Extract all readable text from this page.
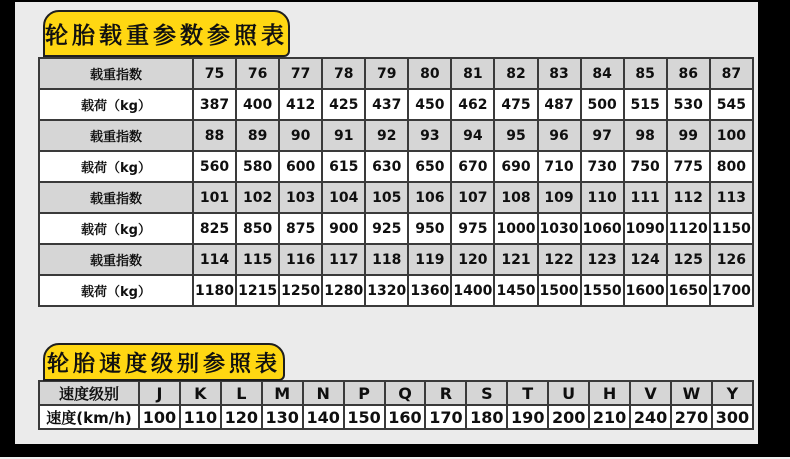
轮胎载重参数参照表
载重指数	75	76	77	78	79	80	81	82	83	84	85	86	87
载荷（kg）	387	400	412	425	437	450	462	475	487	500	515	530	545
载重指数	88	89	90	91	92	93	94	95	96	97	98	99	100
载荷（kg）	560	580	600	615	630	650	670	690	710	730	750	775	800
载重指数	101	102	103	104	105	106	107	108	109	110	111	112	113
载荷（kg）	825	850	875	900	925	950	975	1000	1030	1060	1090	1120	1150
载重指数	114	115	116	117	118	119	120	121	122	123	124	125	126
载荷（kg）	1180	1215	1250	1280	1320	1360	1400	1450	1500	1550	1600	1650	1700
轮胎速度级别参照表
速度级别	J	K	L	M	N	P	Q	R	S	T	U	H	V	W	Y
速度(km/h)	100	110	120	130	140	150	160	170	180	190	200	210	240	270	300
